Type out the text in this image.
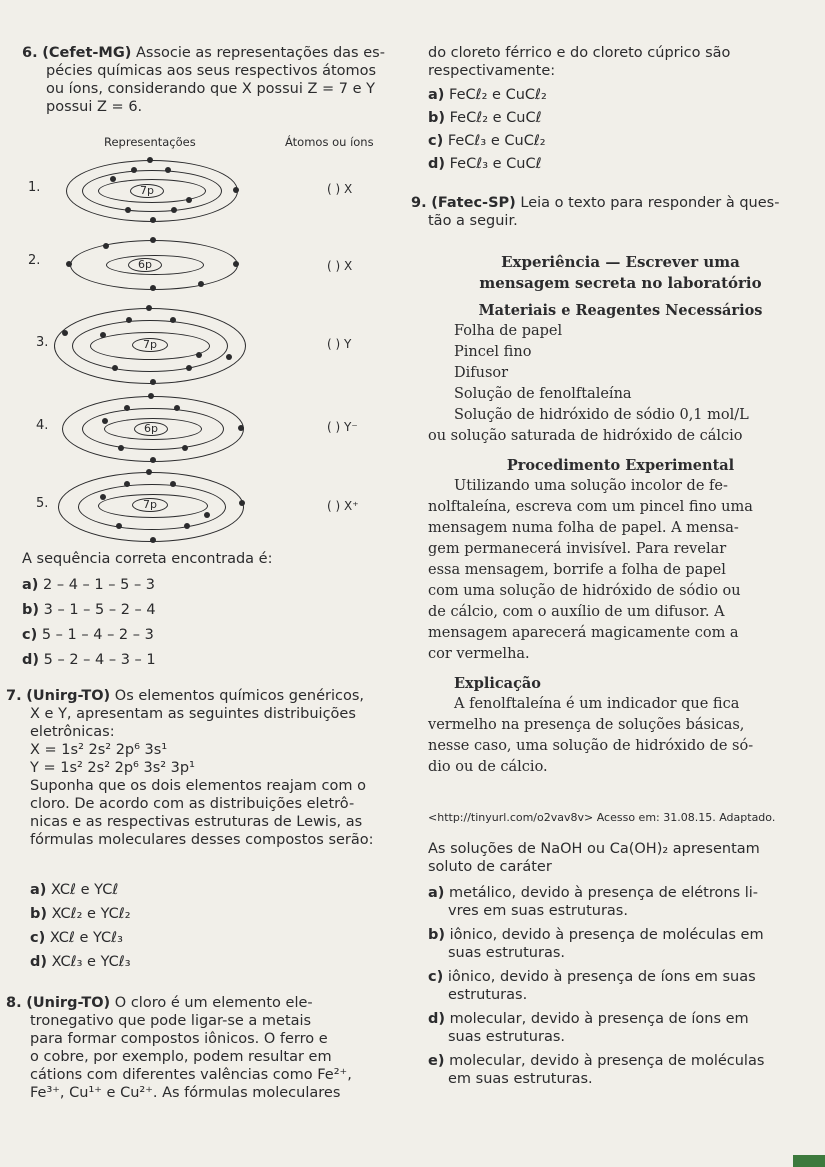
6. (Cefet-MG) Associe as representações das es-
pécies químicas aos seus respectivos átomos
ou íons, considerando que X possui Z = 7 e Y
possui Z = 6.
Representações	Átomos ou íons
1.	7p	( ) X
2.	6p	( ) X
3.	7p	( ) Y
4.	6p	( ) Y⁻
5.	7p	( ) X⁺
A sequência correta encontrada é:
a) 2 – 4 – 1 – 5 – 3
b) 3 – 1 – 5 – 2 – 4
c) 5 – 1 – 4 – 2 – 3
d) 5 – 2 – 4 – 3 – 1
7. (Unirg-TO) Os elementos químicos genéricos,
X e Y, apresentam as seguintes distribuições
eletrônicas:
X = 1s² 2s² 2p⁶ 3s¹
Y = 1s² 2s² 2p⁶ 3s² 3p¹
Suponha que os dois elementos reajam com o
cloro. De acordo com as distribuições eletrô-
nicas e as respectivas estruturas de Lewis, as
fórmulas moleculares desses compostos serão:
a) XCℓ e YCℓ
b) XCℓ₂ e YCℓ₂
c) XCℓ e YCℓ₃
d) XCℓ₃ e YCℓ₃
8. (Unirg-TO) O cloro é um elemento ele-
tronegativo que pode ligar-se a metais
para formar compostos iônicos. O ferro e
o cobre, por exemplo, podem resultar em
cátions com diferentes valências como Fe²⁺,
Fe³⁺, Cu¹⁺ e Cu²⁺. As fórmulas moleculares
do cloreto férrico e do cloreto cúprico são
respectivamente:
a) FeCℓ₂ e CuCℓ₂
b) FeCℓ₂ e CuCℓ
c) FeCℓ₃ e CuCℓ₂
d) FeCℓ₃ e CuCℓ
9. (Fatec-SP) Leia o texto para responder à ques-
tão a seguir.
Experiência — Escrever uma
mensagem secreta no laboratório
Materiais e Reagentes Necessários
Folha de papel
Pincel fino
Difusor
Solução de fenolftaleína
Solução de hidróxido de sódio 0,1 mol/L
ou solução saturada de hidróxido de cálcio
Procedimento Experimental
Utilizando uma solução incolor de fe-
nolftaleína, escreva com um pincel fino uma
mensagem numa folha de papel. A mensa-
gem permanecerá invisível. Para revelar
essa mensagem, borrife a folha de papel
com uma solução de hidróxido de sódio ou
de cálcio, com o auxílio de um difusor. A
mensagem aparecerá magicamente com a
cor vermelha.
Explicação
A fenolftaleína é um indicador que fica
vermelho na presença de soluções básicas,
nesse caso, uma solução de hidróxido de só-
dio ou de cálcio.
<http://tinyurl.com/o2vav8v> Acesso em: 31.08.15. Adaptado.
As soluções de NaOH ou Ca(OH)₂ apresentam
soluto de caráter
a) metálico, devido à presença de elétrons li-
vres em suas estruturas.
b) iônico, devido à presença de moléculas em
suas estruturas.
c) iônico, devido à presença de íons em suas
estruturas.
d) molecular, devido à presença de íons em
suas estruturas.
e) molecular, devido à presença de moléculas
em suas estruturas.
